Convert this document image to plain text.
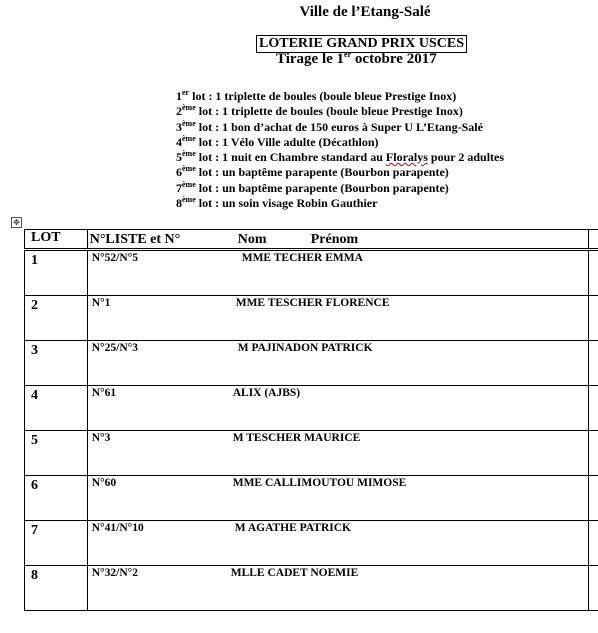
Ville de l’Etang-Salé
LOTERIE GRAND PRIX USCES
Tirage le 1er octobre 2017
1er lot : 1 triplette de boules (boule bleue Prestige Inox)
2ème lot : 1 triplette de boules (boule bleue Prestige Inox)
3ème lot : 1 bon d’achat de 150 euros à Super U L’Etang-Salé
4ème lot : 1 Vélo Ville adulte (Décathlon)
5ème lot : 1 nuit en Chambre standard au Floralys pour 2 adultes
6ème lot : un baptême parapente (Bourbon parapente)
7ème lot : un baptême parapente (Bourbon parapente)
8ème lot : un soin visage Robin Gauthier
✥
LOT	N°LISTE et N° Nom Prénom	

1	N°52/N°5 MME TECHER EMMA	

2	N°1 MME TESCHER FLORENCE	

3	N°25/N°3 M PAJINADON PATRICK	

4	N°61 ALIX (AJBS)	

5	N°3 M TESCHER MAURICE	

6	N°60 MME CALLIMOUTOU MIMOSE	

7	N°41/N°10 M AGATHE PATRICK	

8	N°32/N°2 MLLE CADET NOEMIE	
